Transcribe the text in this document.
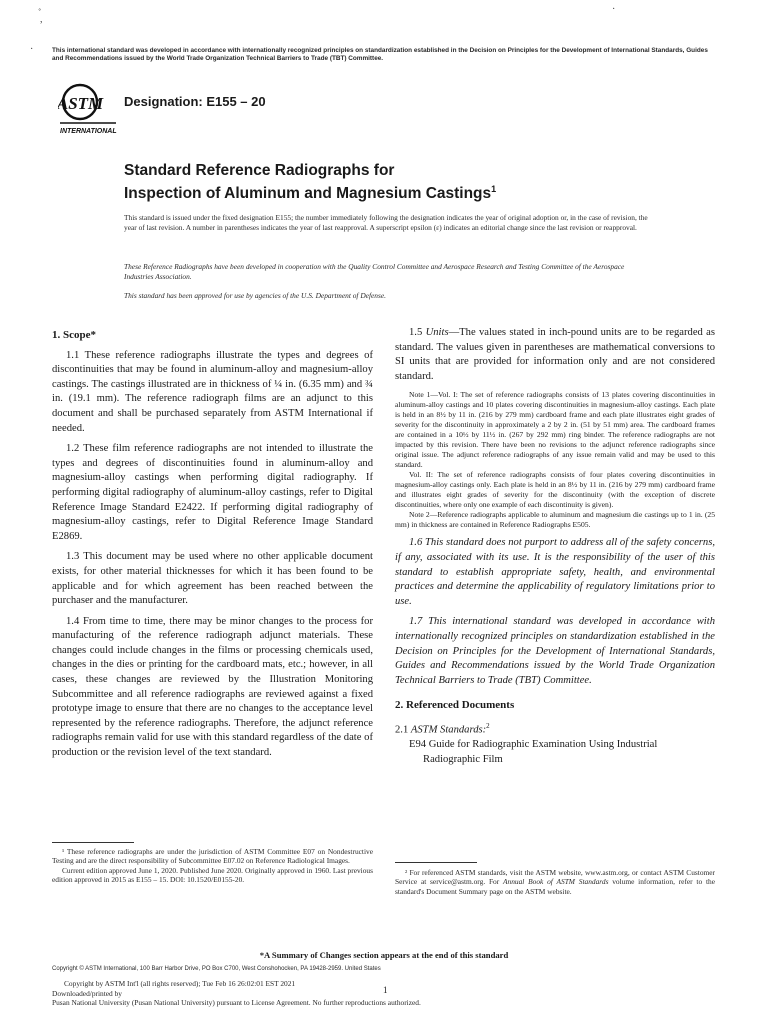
˚
,
·
·	This international standard was developed in accordance with internationally recognized principles on standardization established in the Decision on Principles for the Development of International Standards, Guides and Recommendations issued by the World Trade Organization Technical Barriers to Trade (TBT) Committee.
ASTM
INTERNATIONAL
Designation: E155 – 20
Standard Reference Radiographs for
Inspection of Aluminum and Magnesium Castings$^1$
This standard is issued under the fixed designation E155; the number immediately following the designation indicates the year of original adoption or, in the case of revision, the year of last revision. A number in parentheses indicates the year of last reapproval. A superscript epsilon (ε) indicates an editorial change since the last revision or reapproval.
These Reference Radiographs have been developed in cooperation with the Quality Control Committee and Aerospace Research and Testing Committee of the Aerospace Industries Association.
This standard has been approved for use by agencies of the U.S. Department of Defense.
1. Scope*

1.1 These reference radiographs illustrate the types and degrees of discontinuities that may be found in aluminum-alloy and magnesium-alloy castings. The castings illustrated are in thickness of ¼ in. (6.35 mm) and ¾ in. (19.1 mm). The reference radiograph films are an adjunct to this document and shall be purchased separately from ASTM International if needed.

1.2 These film reference radiographs are not intended to illustrate the types and degrees of discontinuities found in aluminum-alloy and magnesium-alloy castings when performing digital radiography. If performing digital radiography of aluminum-alloy castings, refer to Digital Reference Image Standard E2422. If performing digital radiography of magnesium-alloy castings, refer to Digital Reference Image Standard E2869.

1.3 This document may be used where no other applicable document exists, for other material thicknesses for which it has been found to be applicable and for which agreement has been reached between the purchaser and the manufacturer.

1.4 From time to time, there may be minor changes to the process for manufacturing of the reference radiograph adjunct materials. These changes could include changes in the films or processing chemicals used, changes in the dies or printing for the cardboard mats, etc.; however, in all cases, these changes are reviewed by the Illustration Monitoring Subcommittee and all reference radiographs are reviewed against a fixed prototype image to ensure that there are no changes to the acceptance level represented by the reference radiographs. Therefore, the adjunct reference radiographs remain valid for use with this standard regardless of the date of production or the revision level of the text standard.

1.5 Units—The values stated in inch-pound units are to be regarded as standard. The values given in parentheses are mathematical conversions to SI units that are provided for information only and are not considered standard.

Note 1—Vol. I: The set of reference radiographs consists of 13 plates covering discontinuities in aluminum-alloy castings and 10 plates covering discontinuities in magnesium-alloy castings. Each plate is held in an 8½ by 11 in. (216 by 279 mm) cardboard frame and each plate illustrates eight grades of severity for the discontinuity in approximately a 2 by 2 in. (51 by 51 mm) area. The cardboard frames are contained in a 10½ by 11½ in. (267 by 292 mm) ring binder. The reference radiographs are not impacted by this revision. There have been no revisions to the adjunct reference radiographs since original issue. The adjunct reference radiographs of any issue remain valid and may be used to this standard.

Vol. II: The set of reference radiographs consists of four plates covering discontinuities in magnesium-alloy castings only. Each plate is held in an 8½ by 11 in. (216 by 279 mm) cardboard frame and illustrates eight grades of severity for the discontinuity (with the exception of discrete discontinuities, where only one example of each discontinuity is given).

Note 2—Reference radiographs applicable to aluminum and magnesium die castings up to 1 in. (25 mm) in thickness are contained in Reference Radiographs E505.

1.6 This standard does not purport to address all of the safety concerns, if any, associated with its use. It is the responsibility of the user of this standard to establish appropriate safety, health, and environmental practices and determine the applicability of regulatory limitations prior to use.

1.7 This international standard was developed in accordance with internationally recognized principles on standardization established in the Decision on Principles for the Development of International Standards, Guides and Recommendations issued by the World Trade Organization Technical Barriers to Trade (TBT) Committee.

2. Referenced Documents

2.1 ASTM Standards:$^2$

E94 Guide for Radiographic Examination Using Industrial Radiographic Film

¹ These reference radiographs are under the jurisdiction of ASTM Committee E07 on Nondestructive Testing and are the direct responsibility of Subcommittee E07.02 on Reference Radiological Images.

Current edition approved June 1, 2020. Published June 2020. Originally approved in 1960. Last previous edition approved in 2015 as E155 – 15. DOI: 10.1520/E0155-20.

² For referenced ASTM standards, visit the ASTM website, www.astm.org, or contact ASTM Customer Service at service@astm.org. For Annual Book of ASTM Standards volume information, refer to the standard's Document Summary page on the ASTM website.

*A Summary of Changes section appears at the end of this standard
Copyright © ASTM International, 100 Barr Harbor Drive, PO Box C700, West Conshohocken, PA 19428-2959. United States
Copyright by ASTM Int'l (all rights reserved); Tue Feb 16 26:02:01 EST 2021
Downloaded/printed by
Pusan National University (Pusan National University) pursuant to License Agreement. No further reproductions authorized.
1
